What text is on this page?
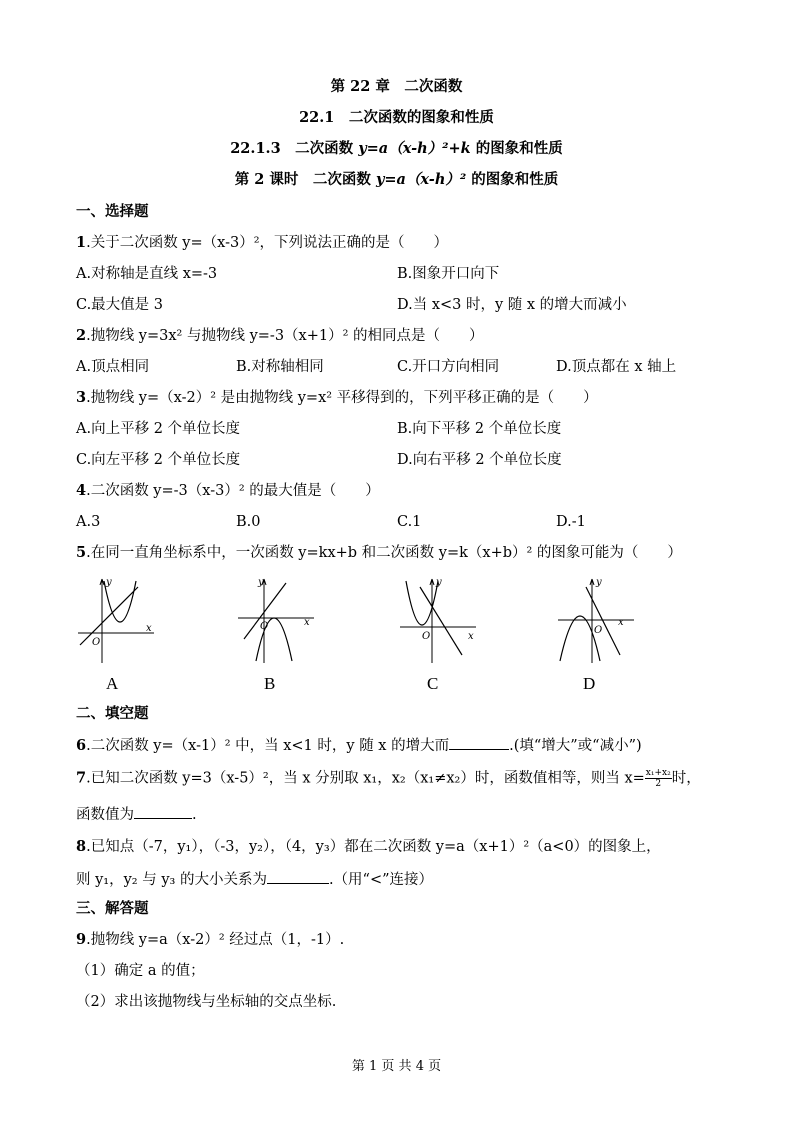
第 22 章　二次函数
22.1　二次函数的图象和性质
22.1.3　二次函数 y=a（x-h）²+k 的图象和性质
第 2 课时　二次函数 y=a（x-h）² 的图象和性质
一、选择题
1.关于二次函数 y=（x-3）²，下列说法正确的是（　　）
A.对称轴是直线 x=-3	B.图象开口向下
C.最大值是 3	D.当 x<3 时，y 随 x 的增大而减小
2.抛物线 y=3x² 与抛物线 y=-3（x+1）² 的相同点是（　　）
A.顶点相同	B.对称轴相同	C.开口方向相同	D.顶点都在 x 轴上
3.抛物线 y=（x-2）² 是由抛物线 y=x² 平移得到的，下列平移正确的是（　　）
A.向上平移 2 个单位长度	B.向下平移 2 个单位长度
C.向左平移 2 个单位长度	D.向右平移 2 个单位长度
4.二次函数 y=-3（x-3）² 的最大值是（　　）
A.3	B.0	C.1	D.-1
5.在同一直角坐标系中，一次函数 y=kx+b 和二次函数 y=k（x+b）² 的图象可能为（　　）
y
x
O
y
x
O
y
x
O
y
x
O
A	B	C	D
二、填空题
6.二次函数 y=（x-1）² 中，当 x<1 时，y 随 x 的增大而	.(填“增大”或“减小”)
7.已知二次函数 y=3（x-5）²，当 x 分别取 x₁，x₂（x₁≠x₂）时，函数值相等，则当 $x= \frac{\text{x₁+x₂}}{2}$ 时，
函数值为	.
8.已知点（-7，y₁），（-3，y₂），（4，y₃）都在二次函数 y=a（x+1）²（a<0）的图象上，
则 y₁，y₂ 与 y₃ 的大小关系为	.（用“<”连接）
三、解答题
9.抛物线 y=a（x-2）² 经过点（1，-1）.
（1）确定 a 的值；
（2）求出该抛物线与坐标轴的交点坐标.
第 1 页 共 4 页
